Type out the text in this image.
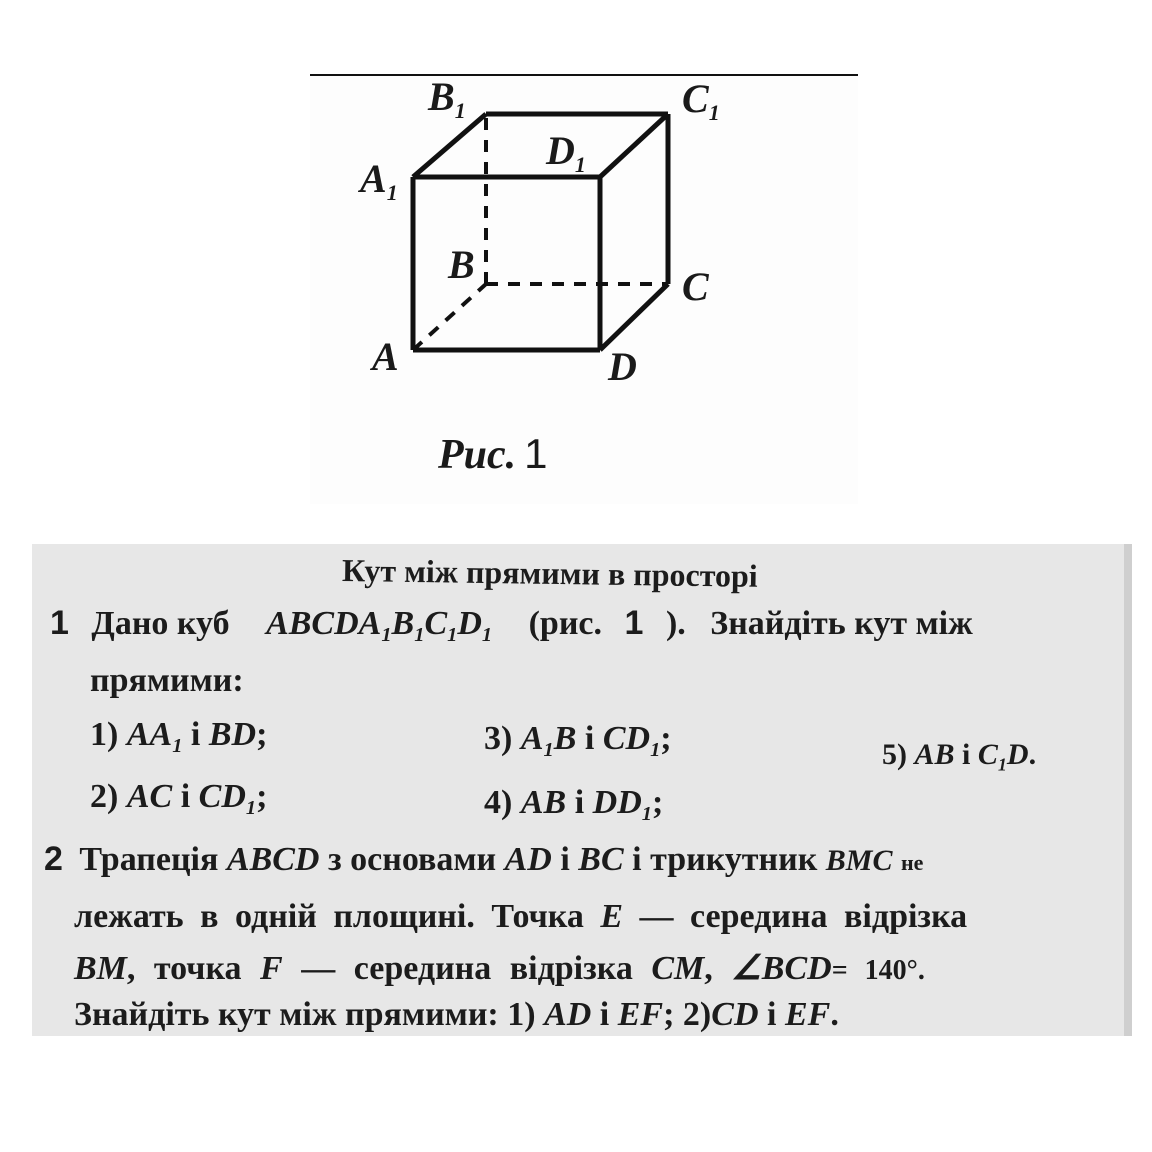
$B_1$	$C_1$
$D_1$
$A_1$
B	C
A	D
Рис. 1
Кут між прямими в просторі
1 Дано куб $ABCDA_1B_1C_1D_1$ (рис. 1 ). Знайдіть кут між
прямими:
1) $AA_1$ і BD;
2) AC і $CD_1$;
3) $A_1B$ і $CD_1$;
4) AB і $DD_1$;
5) AB і $C_1D$.
2 Трапеція ABCD з основами AD і BC і трикутник BMC не
лежать в одній площині. Точка E — середина відрізка
BM, точка F — середина відрізка CM, ∠BCD= 140°.
Знайдіть кут між прямими: 1) AD і EF; 2)CD і EF.
